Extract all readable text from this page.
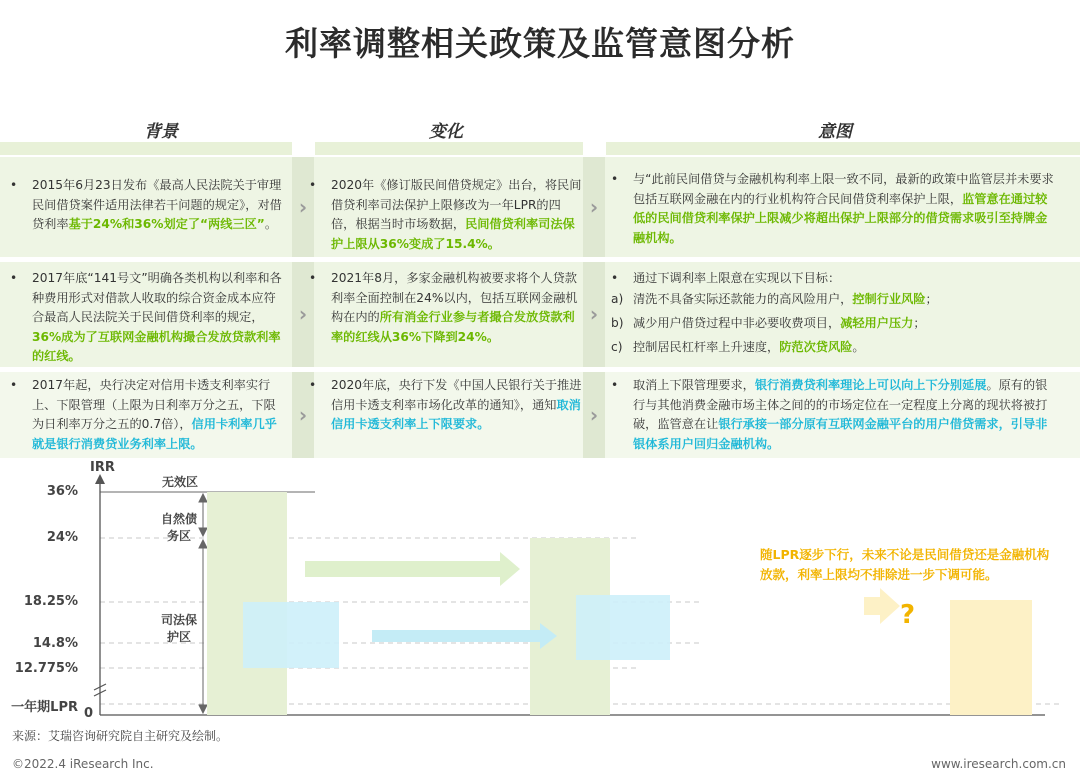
利率调整相关政策及监管意图分析
背景	变化	意图
›	›
›	›
›	›
• 2015年6月23日发布《最高人民法院关于审理民间借贷案件适用法律若干问题的规定》，对借贷利率基于24%和36%划定了“两线三区”。
• 2020年《修订版民间借贷规定》出台，将民间借贷利率司法保护上限修改为一年LPR的四倍，根据当时市场数据，民间借贷利率司法保护上限从36%变成了15.4%。
• 与“此前民间借贷与金融机构利率上限一致不同，最新的政策中监管层并未要求包括互联网金融在内的行业机构符合民间借贷利率保护上限，监管意在通过较低的民间借贷利率保护上限减少将超出保护上限部分的借贷需求吸引至持牌金融机构。
• 2017年底“141号文”明确各类机构以利率和各种费用形式对借款人收取的综合资金成本应符合最高人民法院关于民间借贷利率的规定，36%成为了互联网金融机构撮合发放贷款利率的红线。
• 2021年8月，多家金融机构被要求将个人贷款利率全面控制在24%以内，包括互联网金融机构在内的所有消金行业参与者撮合发放贷款利率的红线从36%下降到24%。
• 通过下调利率上限意在实现以下目标：
a) 清洗不具备实际还款能力的高风险用户，控制行业风险；
b) 减少用户借贷过程中非必要收费项目，减轻用户压力；
c) 控制居民杠杆率上升速度，防范次贷风险。
• 2017年起，央行决定对信用卡透支利率实行上、下限管理（上限为日利率万分之五，下限为日利率万分之五的0.7倍），信用卡利率几乎就是银行消费贷业务利率上限。
• 2020年底，央行下发《中国人民银行关于推进信用卡透支利率市场化改革的通知》，通知取消信用卡透支利率上下限要求。
• 取消上下限管理要求，银行消费贷利率理论上可以向上下分别延展。原有的银行与其他消费金融市场主体之间的的市场定位在一定程度上分离的现状将被打破，监管意在让银行承接一部分原有互联网金融平台的用户借贷需求，引导非银体系用户回归金融机构。
IRR
36%
24%
18.25%
14.8%
12.775%
一年期LPR 0
无效区
自然债务区
司法保护区
随LPR逐步下行，未来不论是民间借贷还是金融机构放款，利率上限均不排除进一步下调可能。
?
来源：艾瑞咨询研究院自主研究及绘制。
©2022.4 iResearch Inc.	www.iresearch.com.cn
